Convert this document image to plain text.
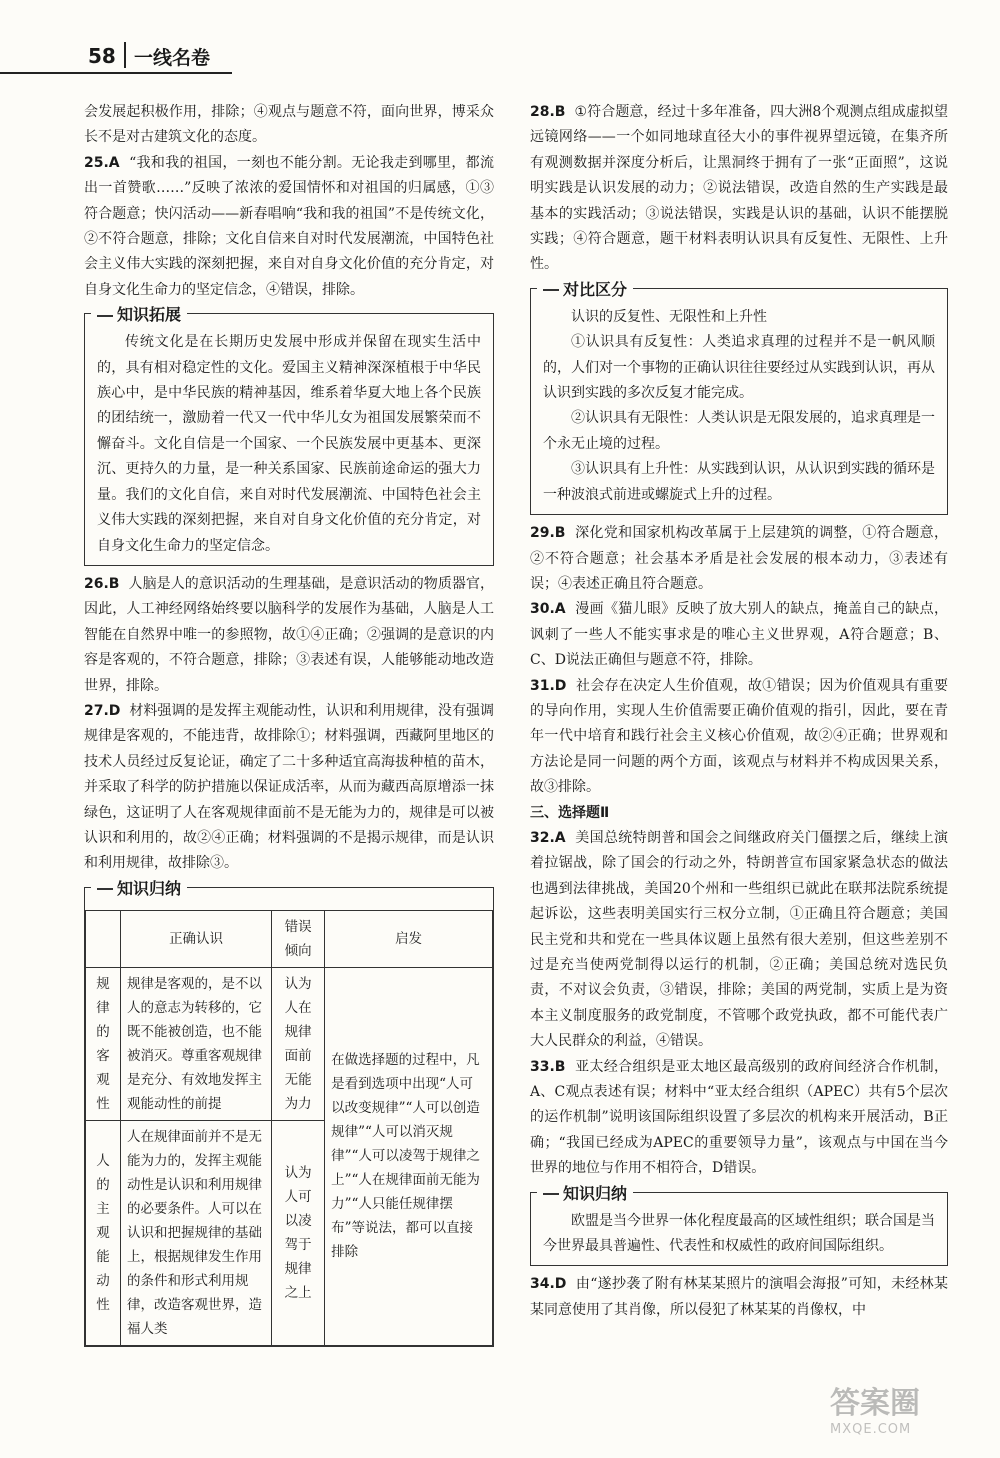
58 一线名卷

会发展起积极作用，排除；④观点与题意不符，面向世界，博采众长不是对古建筑文化的态度。

25.A “我和我的祖国，一刻也不能分割。无论我走到哪里，都流出一首赞歌……”反映了浓浓的爱国情怀和对祖国的归属感，①③符合题意；快闪活动——新春唱响“我和我的祖国”不是传统文化，②不符合题意，排除；文化自信来自对时代发展潮流，中国特色社会主义伟大实践的深刻把握，来自对自身文化价值的充分肯定，对自身文化生命力的坚定信念，④错误，排除。

知识拓展

传统文化是在长期历史发展中形成并保留在现实生活中的，具有相对稳定性的文化。爱国主义精神深深植根于中华民族心中，是中华民族的精神基因，维系着华夏大地上各个民族的团结统一，激励着一代又一代中华儿女为祖国发展繁荣而不懈奋斗。文化自信是一个国家、一个民族发展中更基本、更深沉、更持久的力量，是一种关系国家、民族前途命运的强大力量。我们的文化自信，来自对时代发展潮流、中国特色社会主义伟大实践的深刻把握，来自对自身文化价值的充分肯定，对自身文化生命力的坚定信念。

26.B 人脑是人的意识活动的生理基础，是意识活动的物质器官，因此，人工神经网络始终要以脑科学的发展作为基础，人脑是人工智能在自然界中唯一的参照物，故①④正确；②强调的是意识的内容是客观的，不符合题意，排除；③表述有误，人能够能动地改造世界，排除。

27.D 材料强调的是发挥主观能动性，认识和利用规律，没有强调规律是客观的，不能违背，故排除①；材料强调，西藏阿里地区的技术人员经过反复论证，确定了二十多种适宜高海拔种植的苗木，并采取了科学的防护措施以保证成活率，从而为藏西高原增添一抹绿色，这证明了人在客观规律面前不是无能为力的，规律是可以被认识和利用的，故②④正确；材料强调的不是揭示规律，而是认识和利用规律，故排除③。

知识归纳
	正确认识	错误倾向	启发
规律的客观性	规律是客观的，是不以人的意志为转移的，它既不能被创造，也不能被消灭。尊重客观规律是充分、有效地发挥主观能动性的前提	认为人在规律面前无能为力	在做选择题的过程中，凡是看到选项中出现“人可以改变规律”“人可以创造规律”“人可以消灭规律”“人可以凌驾于规律之上”“人在规律面前无能为力”“人只能任规律摆布”等说法，都可以直接排除
人的主观能动性	人在规律面前并不是无能为力的，发挥主观能动性是认识和利用规律的必要条件。人可以在认识和把握规律的基础上，根据规律发生作用的条件和形式利用规律，改造客观世界，造福人类	认为人可以凌驾于规律之上	

28.B ①符合题意，经过十多年准备，四大洲8个观测点组成虚拟望远镜网络——一个如同地球直径大小的事件视界望远镜，在集齐所有观测数据并深度分析后，让黑洞终于拥有了一张“正面照”，这说明实践是认识发展的动力；②说法错误，改造自然的生产实践是最基本的实践活动；③说法错误，实践是认识的基础，认识不能摆脱实践；④符合题意，题干材料表明认识具有反复性、无限性、上升性。

对比区分

认识的反复性、无限性和上升性

①认识具有反复性：人类追求真理的过程并不是一帆风顺的，人们对一个事物的正确认识往往要经过从实践到认识，再从认识到实践的多次反复才能完成。

②认识具有无限性：人类认识是无限发展的，追求真理是一个永无止境的过程。

③认识具有上升性：从实践到认识，从认识到实践的循环是一种波浪式前进或螺旋式上升的过程。

29.B 深化党和国家机构改革属于上层建筑的调整，①符合题意，②不符合题意；社会基本矛盾是社会发展的根本动力，③表述有误；④表述正确且符合题意。

30.A 漫画《猫儿眼》反映了放大别人的缺点，掩盖自己的缺点，讽刺了一些人不能实事求是的唯心主义世界观，A符合题意；B、C、D说法正确但与题意不符，排除。

31.D 社会存在决定人生价值观，故①错误；因为价值观具有重要的导向作用，实现人生价值需要正确价值观的指引，因此，要在青年一代中培育和践行社会主义核心价值观，故②④正确；世界观和方法论是同一问题的两个方面，该观点与材料并不构成因果关系，故③排除。

三、选择题Ⅱ

32.A 美国总统特朗普和国会之间继政府关门僵摆之后，继续上演着拉锯战，除了国会的行动之外，特朗普宣布国家紧急状态的做法也遇到法律挑战，美国20个州和一些组织已就此在联邦法院系统提起诉讼，这些表明美国实行三权分立制，①正确且符合题意；美国民主党和共和党在一些具体议题上虽然有很大差别，但这些差别不过是充当使两党制得以运行的机制，②正确；美国总统对选民负责，不对议会负责，③错误，排除；美国的两党制，实质上是为资本主义制度服务的政党制度，不管哪个政党执政，都不可能代表广大人民群众的利益，④错误。

33.B 亚太经合组织是亚太地区最高级别的政府间经济合作机制，A、C观点表述有误；材料中“亚太经合组织（APEC）共有5个层次的运作机制”说明该国际组织设置了多层次的机构来开展活动，B正确；“我国已经成为APEC的重要领导力量”，该观点与中国在当今世界的地位与作用不相符合，D错误。

知识归纳

欧盟是当今世界一体化程度最高的区域性组织；联合国是当今世界最具普遍性、代表性和权威性的政府间国际组织。

34.D 由“遂抄袭了附有林某某照片的演唱会海报”可知，未经林某某同意使用了其肖像，所以侵犯了林某某的肖像权，中

答案圈
MXQE.COM
